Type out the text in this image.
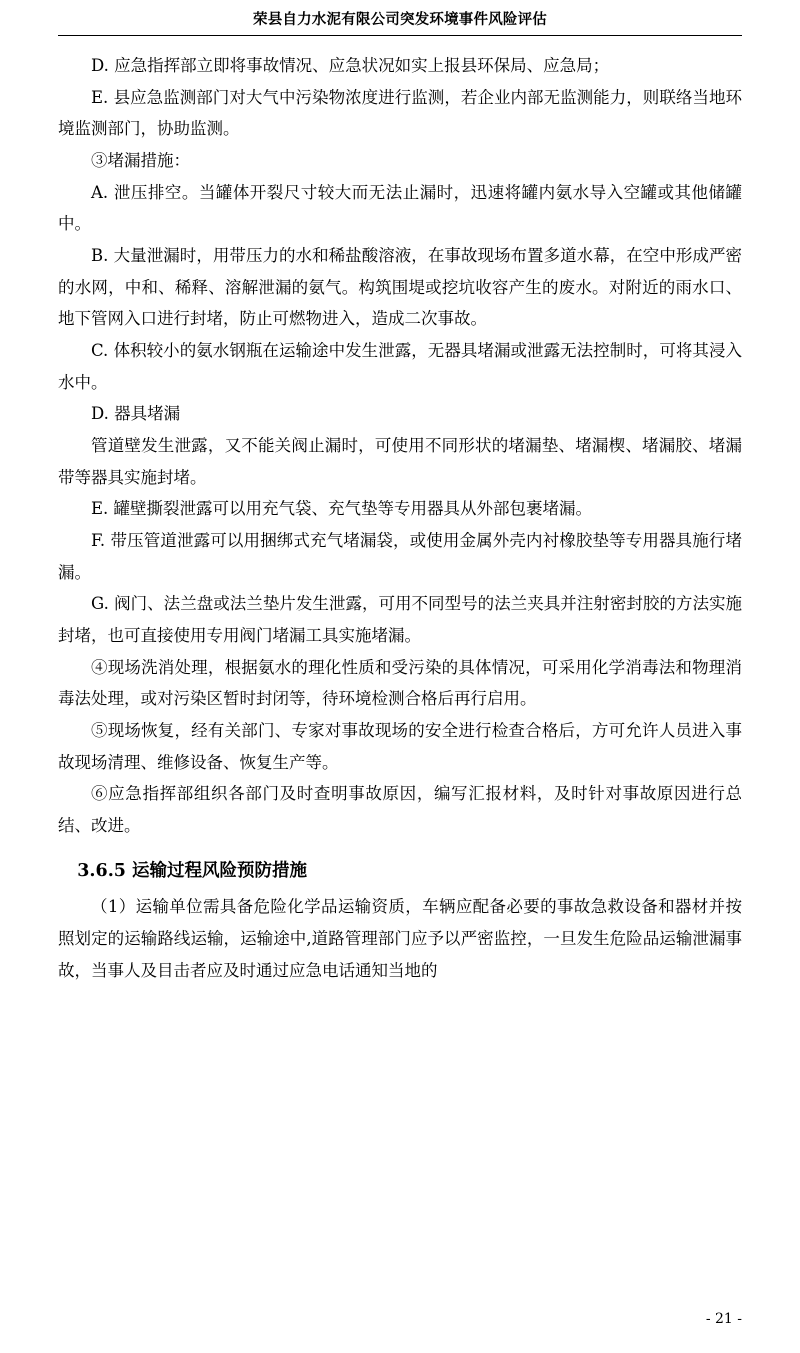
荣县自力水泥有限公司突发环境事件风险评估

D. 应急指挥部立即将事故情况、应急状况如实上报县环保局、应急局；

E. 县应急监测部门对大气中污染物浓度进行监测，若企业内部无监测能力，则联络当地环境监测部门，协助监测。

③堵漏措施：

A. 泄压排空。当罐体开裂尺寸较大而无法止漏时，迅速将罐内氨水导入空罐或其他储罐中。

B. 大量泄漏时，用带压力的水和稀盐酸溶液，在事故现场布置多道水幕，在空中形成严密的水网，中和、稀释、溶解泄漏的氨气。构筑围堤或挖坑收容产生的废水。对附近的雨水口、地下管网入口进行封堵，防止可燃物进入，造成二次事故。

C. 体积较小的氨水钢瓶在运输途中发生泄露，无器具堵漏或泄露无法控制时，可将其浸入水中。

D. 器具堵漏

管道壁发生泄露，又不能关阀止漏时，可使用不同形状的堵漏垫、堵漏楔、堵漏胶、堵漏带等器具实施封堵。

E. 罐壁撕裂泄露可以用充气袋、充气垫等专用器具从外部包裹堵漏。

F. 带压管道泄露可以用捆绑式充气堵漏袋，或使用金属外壳内衬橡胶垫等专用器具施行堵漏。

G. 阀门、法兰盘或法兰垫片发生泄露，可用不同型号的法兰夹具并注射密封胶的方法实施封堵，也可直接使用专用阀门堵漏工具实施堵漏。

④现场洗消处理，根据氨水的理化性质和受污染的具体情况，可采用化学消毒法和物理消毒法处理，或对污染区暂时封闭等，待环境检测合格后再行启用。

⑤现场恢复，经有关部门、专家对事故现场的安全进行检查合格后，方可允许人员进入事故现场清理、维修设备、恢复生产等。

⑥应急指挥部组织各部门及时查明事故原因，编写汇报材料，及时针对事故原因进行总结、改进。

3.6.5 运输过程风险预防措施

（1）运输单位需具备危险化学品运输资质，车辆应配备必要的事故急救设备和器材并按照划定的运输路线运输，运输途中,道路管理部门应予以严密监控，一旦发生危险品运输泄漏事故，当事人及目击者应及时通过应急电话通知当地的

- 21 -
